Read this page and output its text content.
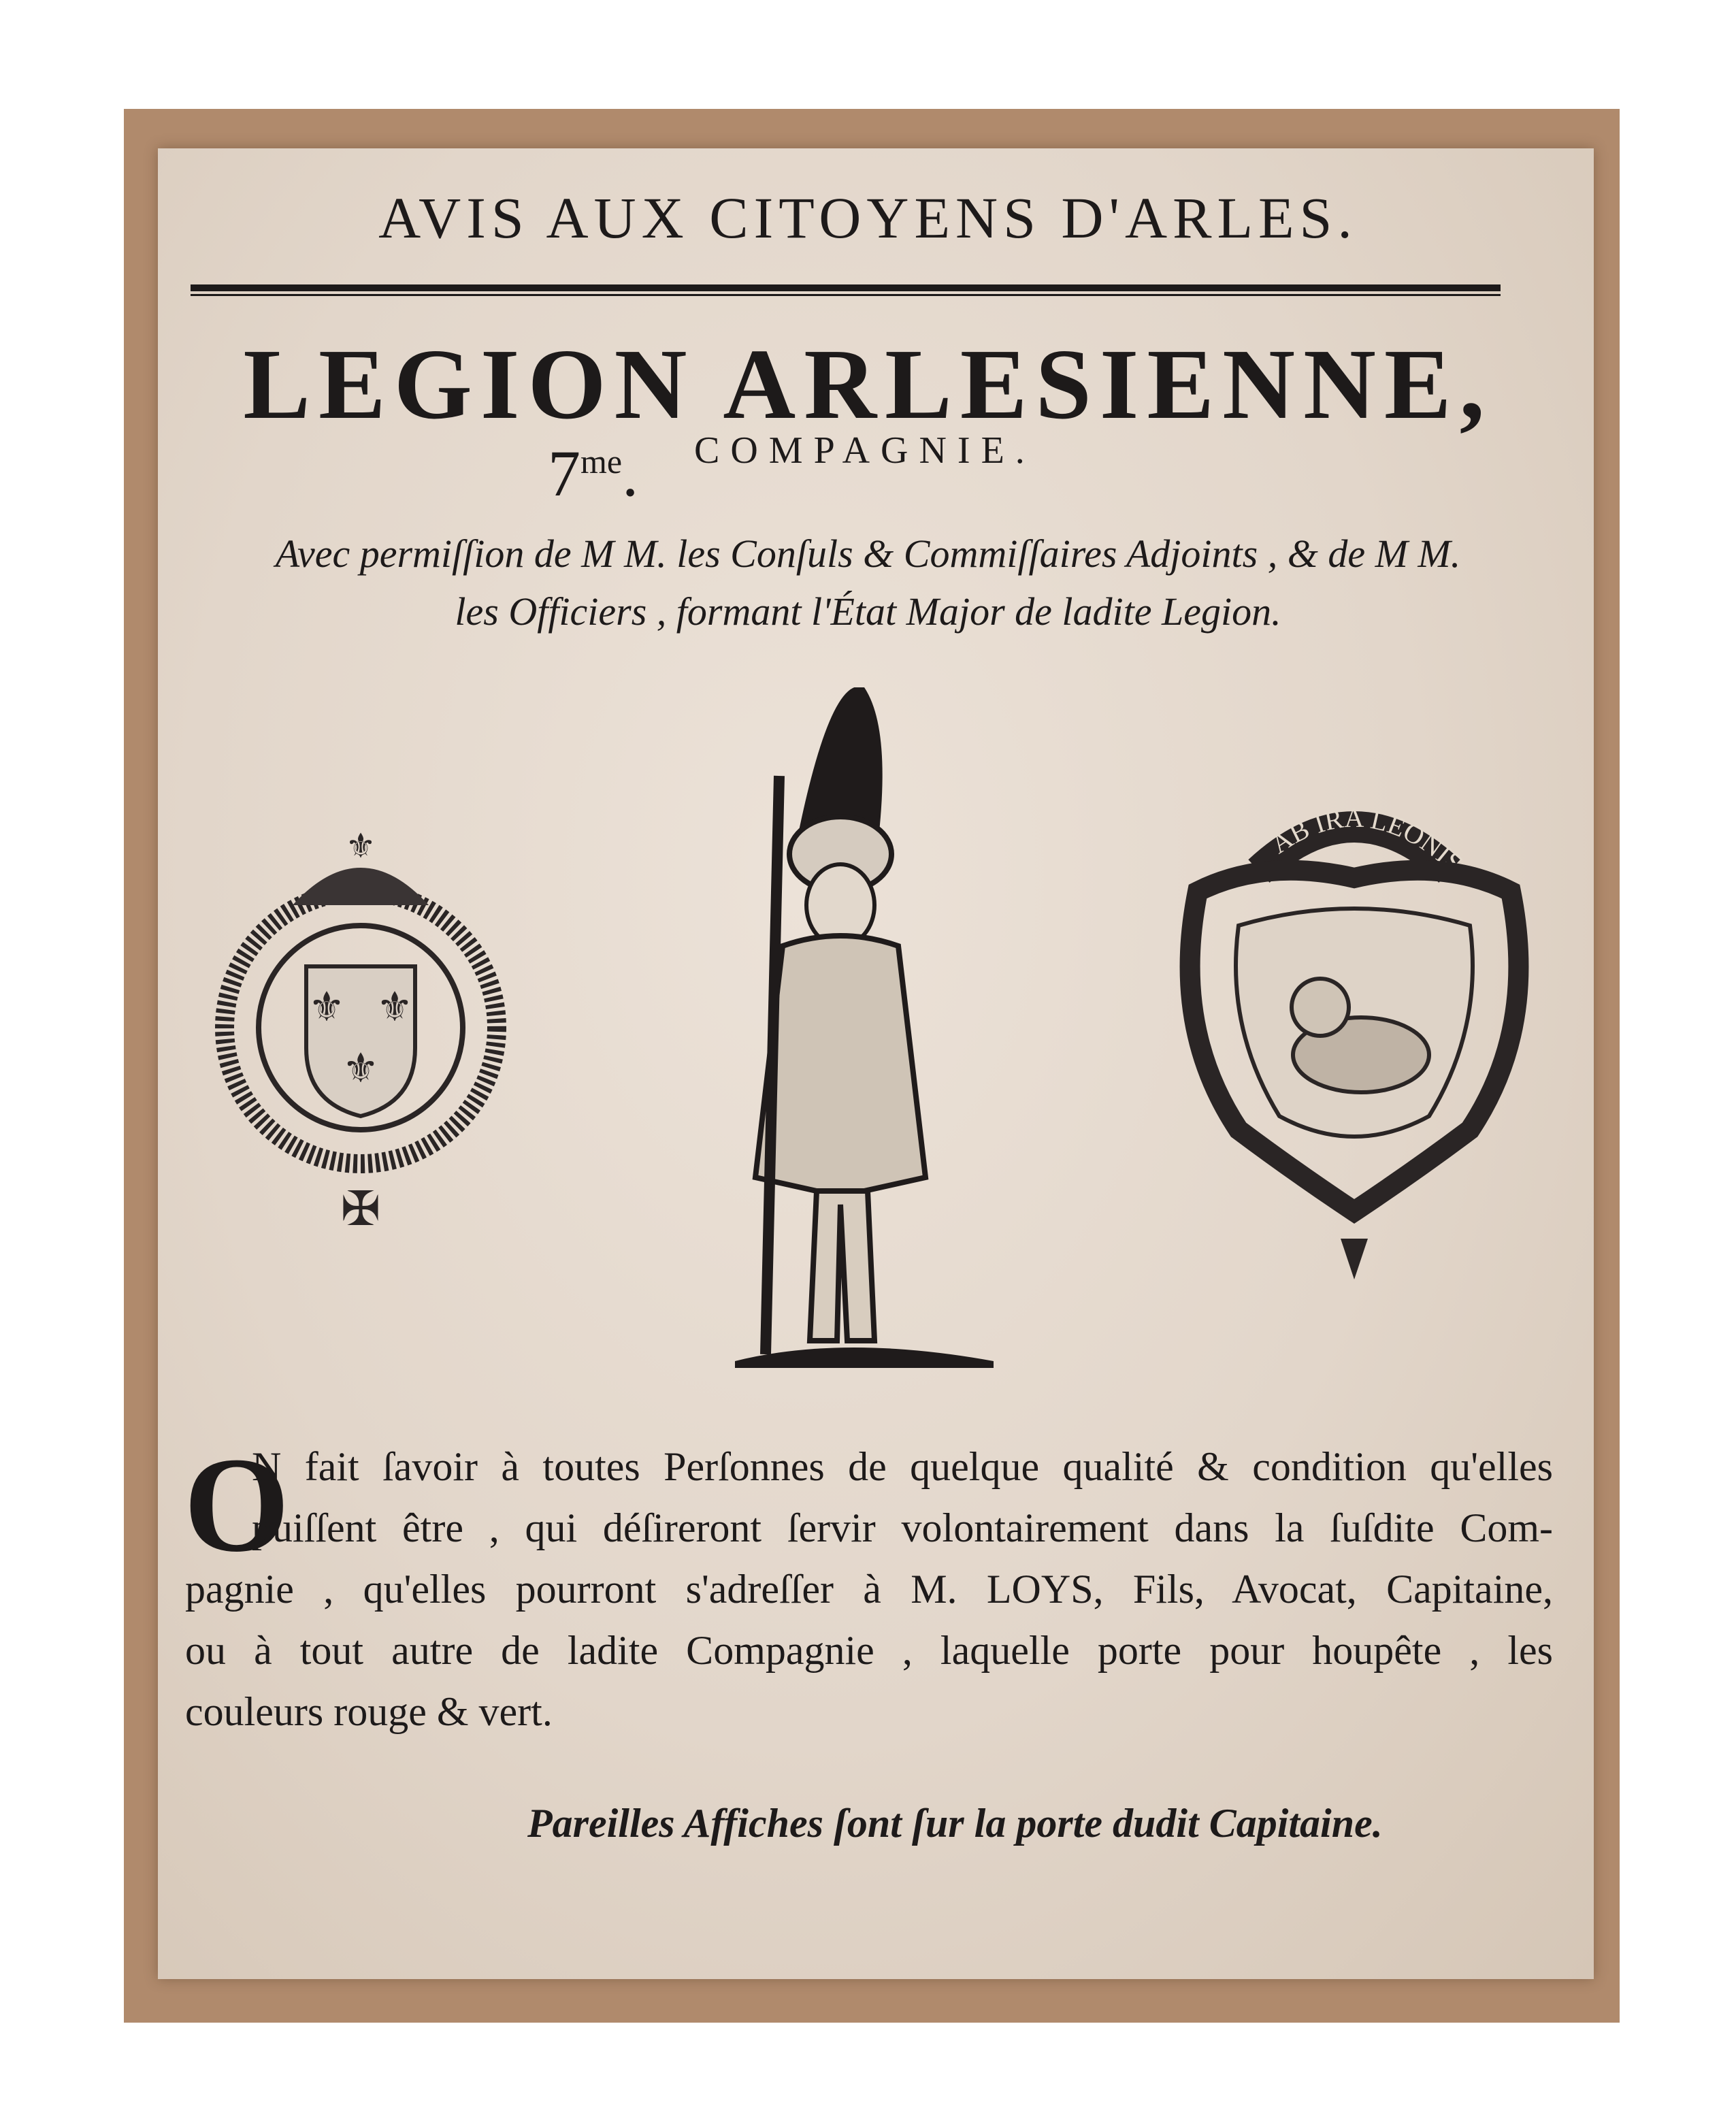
AVIS AUX CITOYENS D'ARLES.
LEGION ARLESIENNE,
$7^{me}$. COMPAGNIE.
Avec permiſſion de M M. les Conſuls & Commiſſaires Adjoints , & de M M.
les Officiers , formant l'État Major de ladite Legion.
⚜ ⚜
⚜
⚜
✠
AB IRA LEONIS
O

N fait ſavoir à toutes Perſonnes de quelque qualité & condition qu'elles

puiſſent être , qui déſireront ſervir volontairement dans la ſuſdite Com-

pagnie , qu'elles pourront s'adreſſer à M. LOYS, Fils, Avocat, Capitaine,

ou à tout autre de ladite Compagnie , laquelle porte pour houpête , les

couleurs rouge & vert.

Pareilles Affiches ſont ſur la porte dudit Capitaine.
